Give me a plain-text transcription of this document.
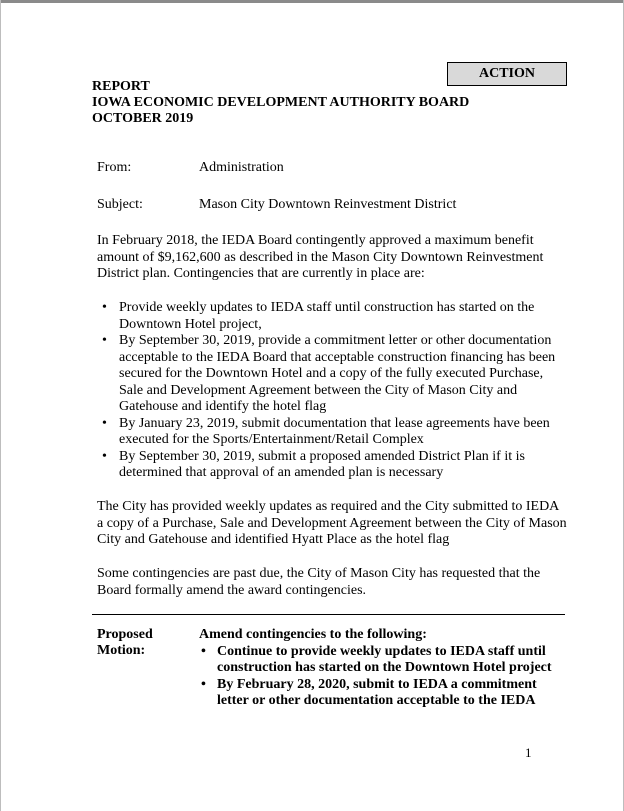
ACTION
REPORT
IOWA ECONOMIC DEVELOPMENT AUTHORITY BOARD
OCTOBER 2019
From:	Administration
Subject:	Mason City Downtown Reinvestment District
In February 2018, the IEDA Board contingently approved a maximum benefit amount of $9,162,600 as described in the Mason City Downtown Reinvestment District plan. Contingencies that are currently in place are:
• Provide weekly updates to IEDA staff until construction has started on the Downtown Hotel project,
• By September 30, 2019, provide a commitment letter or other documentation acceptable to the IEDA Board that acceptable construction financing has been secured for the Downtown Hotel and a copy of the fully executed Purchase, Sale and Development Agreement between the City of Mason City and Gatehouse and identify the hotel flag
• By January 23, 2019, submit documentation that lease agreements have been executed for the Sports/Entertainment/Retail Complex
• By September 30, 2019, submit a proposed amended District Plan if it is determined that approval of an amended plan is necessary
The City has provided weekly updates as required and the City submitted to IEDA a copy of a Purchase, Sale and Development Agreement between the City of Mason City and Gatehouse and identified Hyatt Place as the hotel flag
Some contingencies are past due, the City of Mason City has requested that the Board formally amend the award contingencies.
Proposed
Motion:
Amend contingencies to the following:
• Continue to provide weekly updates to IEDA staff until construction has started on the Downtown Hotel project
• By February 28, 2020, submit to IEDA a commitment letter or other documentation acceptable to the IEDA
1
